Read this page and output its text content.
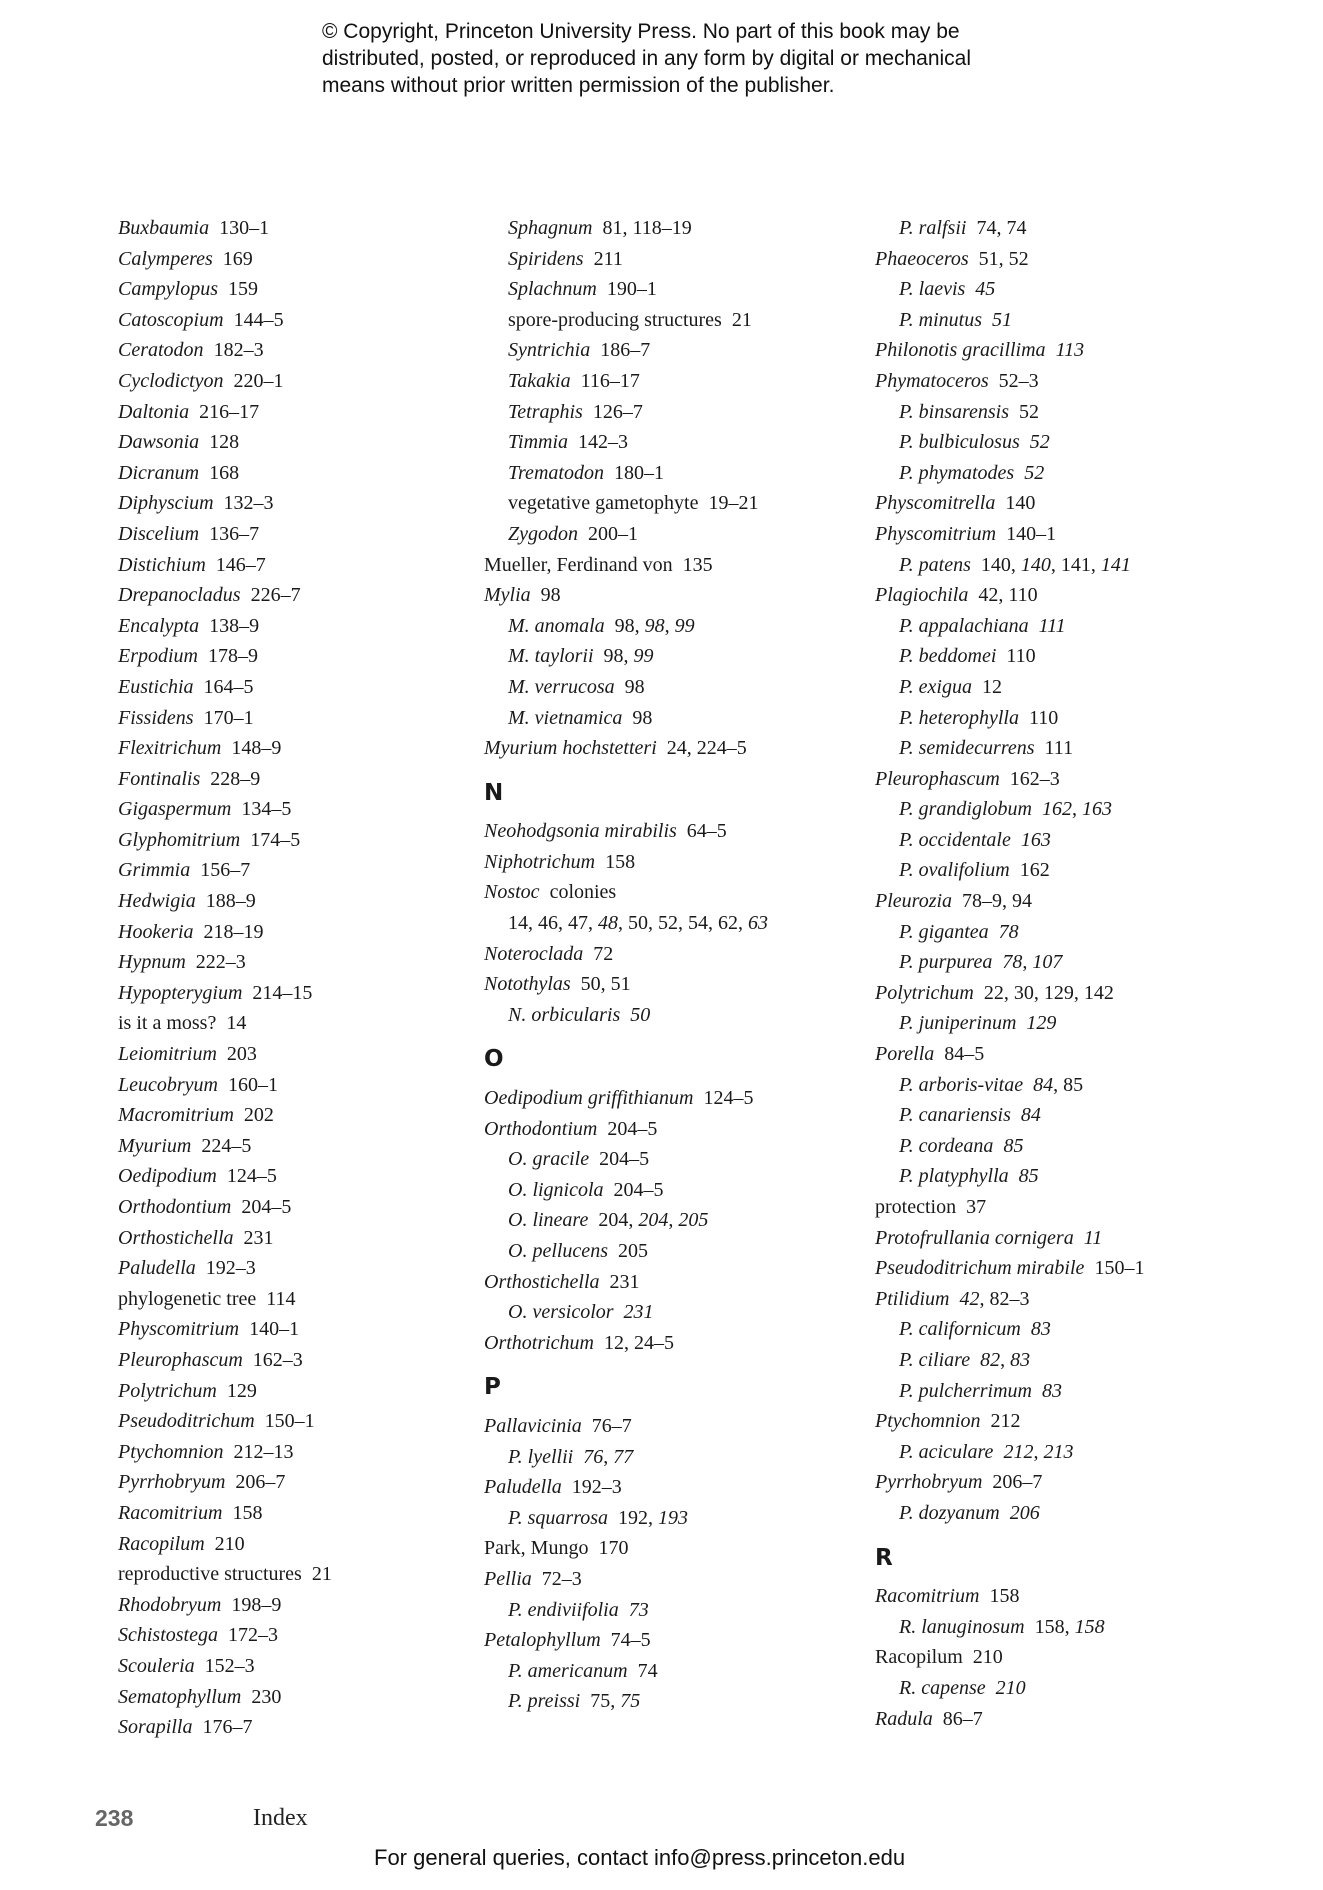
© Copyright, Princeton University Press. No part of this book may be
distributed, posted, or reproduced in any form by digital or mechanical
means without prior written permission of the publisher.
Buxbaumia  130–1
Calymperes  169
Campylopus  159
Catoscopium  144–5
Ceratodon  182–3
Cyclodictyon  220–1
Daltonia  216–17
Dawsonia  128
Dicranum  168
Diphyscium  132–3
Discelium  136–7
Distichium  146–7
Drepanocladus  226–7
Encalypta  138–9
Erpodium  178–9
Eustichia  164–5
Fissidens  170–1
Flexitrichum  148–9
Fontinalis  228–9
Gigaspermum  134–5
Glyphomitrium  174–5
Grimmia  156–7
Hedwigia  188–9
Hookeria  218–19
Hypnum  222–3
Hypopterygium  214–15
is it a moss?  14
Leiomitrium  203
Leucobryum  160–1
Macromitrium  202
Myurium  224–5
Oedipodium  124–5
Orthodontium  204–5
Orthostichella  231
Paludella  192–3
phylogenetic tree  114
Physcomitrium  140–1
Pleurophascum  162–3
Polytrichum  129
Pseudoditrichum  150–1
Ptychomnion  212–13
Pyrrhobryum  206–7
Racomitrium  158
Racopilum  210
reproductive structures  21
Rhodobryum  198–9
Schistostega  172–3
Scouleria  152–3
Sematophyllum  230
Sorapilla  176–7
Sphagnum  81, 118–19
Spiridens  211
Splachnum  190–1
spore-producing structures  21
Syntrichia  186–7
Takakia  116–17
Tetraphis  126–7
Timmia  142–3
Trematodon  180–1
vegetative gametophyte  19–21
Zygodon  200–1
Mueller, Ferdinand von  135
Mylia  98
M. anomala  98, 98, 99
M. taylorii  98, 99
M. verrucosa  98
M. vietnamica  98
Myurium hochstetteri  24, 224–5
N
Neohodgsonia mirabilis  64–5
Niphotrichum  158
Nostoc  colonies
14, 46, 47, 48, 50, 52, 54, 62, 63
Noteroclada  72
Notothylas  50, 51
N. orbicularis  50
O
Oedipodium griffithianum  124–5
Orthodontium  204–5
O. gracile  204–5
O. lignicola  204–5
O. lineare  204, 204, 205
O. pellucens  205
Orthostichella  231
O. versicolor  231
Orthotrichum  12, 24–5
P
Pallavicinia  76–7
P. lyellii  76, 77
Paludella  192–3
P. squarrosa  192, 193
Park, Mungo  170
Pellia  72–3
P. endiviifolia  73
Petalophyllum  74–5
P. americanum  74
P. preissi  75, 75
P. ralfsii  74, 74
Phaeoceros  51, 52
P. laevis  45
P. minutus  51
Philonotis gracillima  113
Phymatoceros  52–3
P. binsarensis  52
P. bulbiculosus  52
P. phymatodes  52
Physcomitrella  140
Physcomitrium  140–1
P. patens  140, 140, 141, 141
Plagiochila  42, 110
P. appalachiana  111
P. beddomei  110
P. exigua  12
P. heterophylla  110
P. semidecurrens  111
Pleurophascum  162–3
P. grandiglobum  162, 163
P. occidentale  163
P. ovalifolium  162
Pleurozia  78–9, 94
P. gigantea  78
P. purpurea  78, 107
Polytrichum  22, 30, 129, 142
P. juniperinum  129
Porella  84–5
P. arboris-vitae  84, 85
P. canariensis  84
P. cordeana  85
P. platyphylla  85
protection  37
Protofrullania cornigera  11
Pseudoditrichum mirabile  150–1
Ptilidium  42, 82–3
P. californicum  83
P. ciliare  82, 83
P. pulcherrimum  83
Ptychomnion  212
P. aciculare  212, 213
Pyrrhobryum  206–7
P. dozyanum  206
R
Racomitrium  158
R. lanuginosum  158, 158
Racopilum  210
R. capense  210
Radula  86–7
238	Index
For general queries, contact info@press.princeton.edu
